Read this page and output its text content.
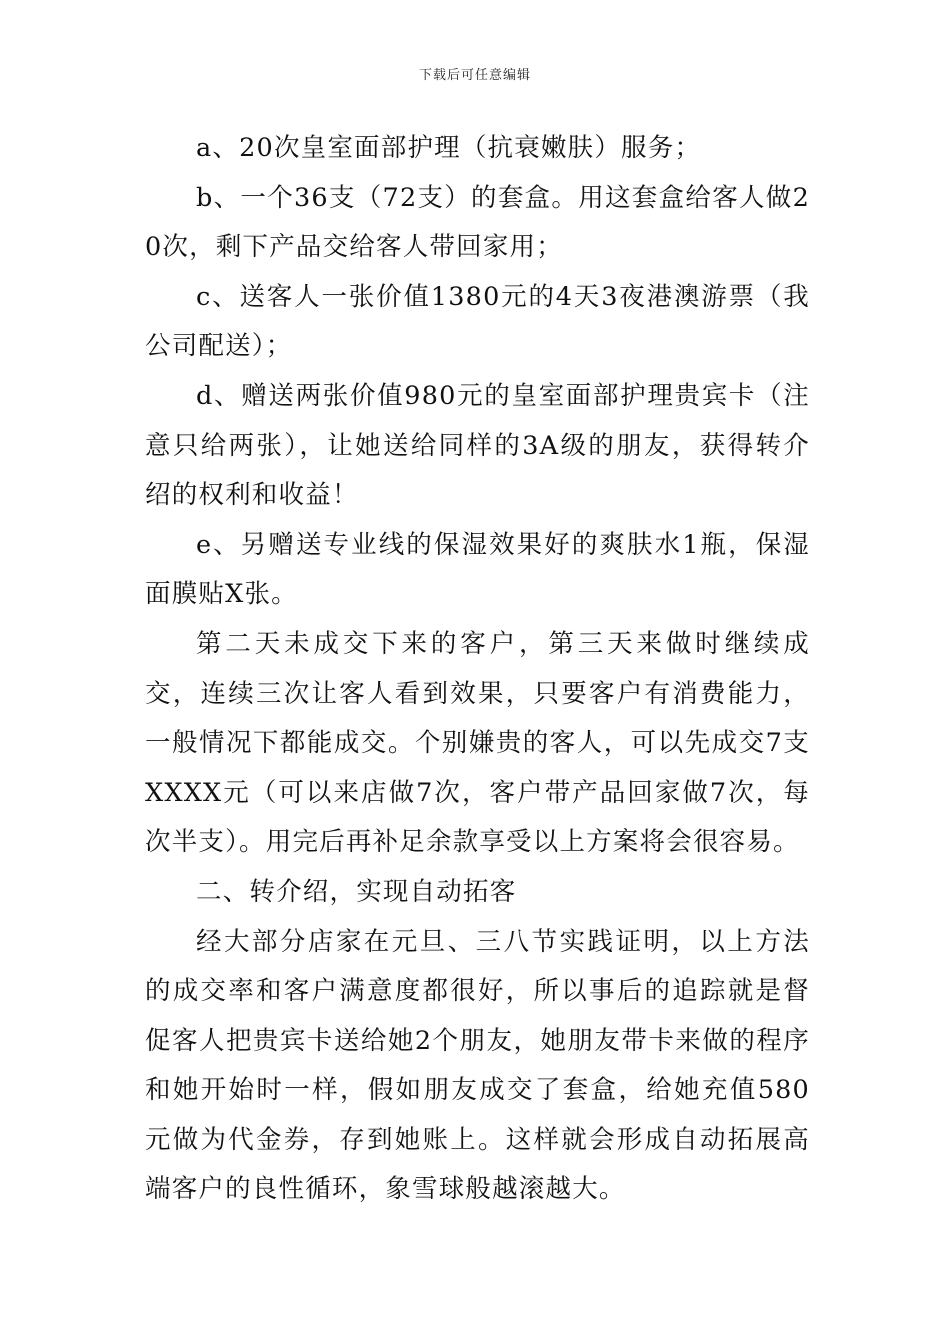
下载后可任意编辑

a、20次皇室面部护理（抗衰嫩肤）服务；

b、一个36支（72支）的套盒。用这套盒给客人做20次，剩下产品交给客人带回家用；

c、送客人一张价值1380元的4天3夜港澳游票（我公司配送）；

d、赠送两张价值980元的皇室面部护理贵宾卡（注意只给两张），让她送给同样的3A级的朋友，获得转介绍的权利和收益！

e、另赠送专业线的保湿效果好的爽肤水1瓶，保湿面膜贴X张。

第二天未成交下来的客户，第三天来做时继续成交，连续三次让客人看到效果，只要客户有消费能力，一般情况下都能成交。个别嫌贵的客人，可以先成交7支XXXX元（可以来店做7次，客户带产品回家做7次，每次半支）。用完后再补足余款享受以上方案将会很容易。

二、转介绍，实现自动拓客

经大部分店家在元旦、三八节实践证明，以上方法的成交率和客户满意度都很好，所以事后的追踪就是督促客人把贵宾卡送给她2个朋友，她朋友带卡来做的程序和她开始时一样，假如朋友成交了套盒，给她充值580元做为代金券，存到她账上。这样就会形成自动拓展高端客户的良性循环，象雪球般越滚越大。
